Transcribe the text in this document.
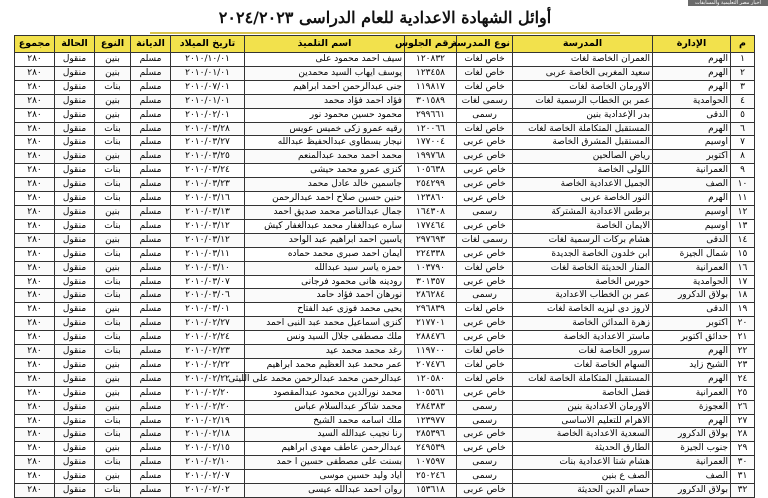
اخبار مصر التعليمية والمسابقات
أوائل الشهادة الاعدادية للعام الدراسى ٢٠٢٤/٢٠٢٣
م	الإدارة	المدرسة	نوع المدرسة	رقم الجلوس	اسم التلميذ	تاريخ الميلاد	الديانة	النوع	الحالة	مجموع
١	الهرم	العمران الخاصة لغات	خاص لغات	١٢٠٨٣٢	سيف احمد محمود على	٢٠١٠/١٠/٠١	مسلم	بنين	منقول	٢٨٠
٢	الهرم	سعيد المغربى الخاصة عربى	خاص لغات	١٢٣٤٥٨	يوسف ايهاب السيد محمدين	٢٠١٠/٠١/٠١	مسلم	بنين	منقول	٢٨٠
٣	الهرم	الاورمان الخاصة لغات	خاص لغات	١١٩٨١٧	جنى عبدالرحمن احمد ابراهيم	٢٠١٠/٠٧/٠١	مسلم	بنات	منقول	٢٨٠
٤	الحوامدية	عمر بن الخطاب الرسمية لغات	رسمى لغات	٣٠١٥٨٩	فؤاد احمد فؤاد محمد	٢٠١٠/٠١/٠١	مسلم	بنين	منقول	٢٨٠
٥	الدقى	بدر الإعدادية بنين	رسمى	٢٩٩٦٦١	محمود حسين محمود نور	٢٠١٠/٠٢/٠١	مسلم	بنين	منقول	٢٨٠
٦	الهرم	المستقبل المتكاملة الخاصة لغات	خاص لغات	١٢٠٠٦٦	رقيه عمرو زكى خميس عويس	٢٠١٠/٠٣/٢٨	مسلم	بنات	منقول	٢٨٠
٧	اوسيم	المستقبل المشرق الخاصة	خاص عربى	١٧٧٠٠٤	نيجار بسطاوى عبدالحفيظ عبدالله	٢٠١٠/٠٣/٢٧	مسلم	بنات	منقول	٢٨٠
٨	اكتوبر	رياض الصالحين	خاص عربى	١٩٩٧٦٨	محمد احمد محمد عبدالمنعم	٢٠١٠/٠٣/٢٥	مسلم	بنين	منقول	٢٨٠
٩	العمرانية	اللولى الخاصة	خاص عربى	١٠٥٦٣٨	كنزى عمرو محمد حيشى	٢٠١٠/٠٣/٢٤	مسلم	بنات	منقول	٢٨٠
١٠	الصف	الجميل الاعدادية الخاصة	خاص عربى	٢٥٤٢٩٩	جاسمين خالد عادل محمد	٢٠١٠/٠٣/٢٣	مسلم	بنات	منقول	٢٨٠
١١	الهرم	النور الخاصة عربى	خاص عربى	١٢٣٨٦٠	حنين حسين صلاح احمد عبدالرحمن	٢٠١٠/٠٣/١٦	مسلم	بنات	منقول	٢٨٠
١٢	اوسيم	برطس الاعدادية المشتركة	رسمى	١٦٤٣٠٨	جمال عبدالناصر محمد صديق احمد	٢٠١٠/٠٣/١٣	مسلم	بنين	منقول	٢٨٠
١٣	اوسيم	الايمان الخاصة	خاص عربى	١٧٧٤٦٤	ساره عبدالغفار محمد عبدالغفار كيش	٢٠١٠/٠٣/١٢	مسلم	بنات	منقول	٢٨٠
١٤	الدقى	هشام بركات الرسمية لغات	رسمى لغات	٢٩٧٦٩٣	ياسين احمد ابراهيم عبد الواحد	٢٠١٠/٠٣/١٢	مسلم	بنين	منقول	٢٨٠
١٥	شمال الجيزة	ابن خلدون الخاصة الجديدة	خاص عربى	٢٢٤٣٣٨	ايمان احمد صبرى محمد حماده	٢٠١٠/٠٣/١١	مسلم	بنات	منقول	٢٨٠
١٦	العمرانية	المنار الحديثة الخاصة لغات	خاص لغات	١٠٣٧٩٠	حمزه ياسر سيد عبدالله	٢٠١٠/٠٣/١٠	مسلم	بنين	منقول	٢٨٠
١٧	الحوامدية	حورس الخاصة	خاص عربى	٣٠١٣٥٧	رودينه هانى محمود فرجانى	٢٠١٠/٠٣/٠٧	مسلم	بنات	منقول	٢٨٠
١٨	بولاق الدكرور	عمر بن الخطاب الاعدادية	رسمى	٢٨٦٢٨٤	نورهان احمد فؤاد حامد	٢٠١٠/٠٣/٠٦	مسلم	بنات	منقول	٢٨٠
١٩	الدقى	لاروز دى ليزيه الخاصة لغات	خاص لغات	٢٩٦٨٣٩	يحيى محمد فوزى عبد الفتاح	٢٠١٠/٠٣/٠١	مسلم	بنين	منقول	٢٨٠
٢٠	اكتوبر	زهرة المدائن الخاصة	خاص عربى	٢١٧٧٠١	كنزى اسماعيل محمد عبد النبى احمد	٢٠١٠/٠٢/٢٧	مسلم	بنات	منقول	٢٨٠
٢١	حدائق اكتوبر	ماستر الاعدادية الخاصة	خاص عربى	٢٨٨٤٧٦	ملك مصطفى جلال السيد ونس	٢٠١٠/٠٢/٢٤	مسلم	بنات	منقول	٢٨٠
٢٢	الهرم	سرور الخاصة لغات	خاص لغات	١١٩٧٠٠	رغد محمد محمد عيد	٢٠١٠/٠٢/٢٣	مسلم	بنات	منقول	٢٨٠
٢٣	الشيخ زايد	السهام الخاصة لغات	خاص لغات	٢٠٧٤٧٦	عمر محمد عبد العظيم محمد ابراهيم	٢٠١٠/٠٢/٢٢	مسلم	بنين	منقول	٢٨٠
٢٤	الهرم	المستقبل المتكاملة الخاصة لغات	خاص لغات	١٢٠٥٨٠	عبدالرحمن محمد عبدالرحمن محمد على الليثى	٢٠١٠/٠٢/٢٢	مسلم	بنين	منقول	٢٨٠
٢٥	العمرانية	فضل الخاصة	خاص عربى	١٠٥٥٦١	محمد نورالدين محمود عبدالمقصود	٢٠١٠/٠٢/٢٠	مسلم	بنين	منقول	٢٨٠
٢٦	العجوزة	الاورمان الاعدادية بنين	رسمى	٢٨٤٣٨٣	محمد شاكر عبدالسلام عباس	٢٠١٠/٠٢/٢٠	مسلم	بنين	منقول	٢٨٠
٢٧	الهرم	الاهرام للتعليم الاساسى	رسمى	١٢٣٩٧٧	ملك اسامه محمد الشيخ	٢٠١٠/٠٢/١٩	مسلم	بنات	منقول	٢٨٠
٢٨	بولاق الدكرور	السعدية الاعدادية الخاصة	خاص عربى	٢٨٥٣٩٦	رنا نجيب عبدالله السيد	٢٠١٠/٠٢/١٨	مسلم	بنات	منقول	٢٨٠
٢٩	جنوب الجيزة	الطارق الحديثة	خاص عربى	٢٤٩٥٣٩	عبدالرحمن عاطف مهدى ابراهيم	٢٠١٠/٠٢/١٥	مسلم	بنين	منقول	٢٨٠
٣٠	العمرانية	هشام شتا الاعدادية بنات	رسمى	١٠٧٥٩٧	بسنت على مصطفى حسين ا حمد	٢٠١٠/٠٢/١٠	مسلم	بنات	منقول	٢٨٠
٣١	الصف	الصف ع بنين	رسمى	٢٥٠٢٤٦	اياد وليد حسين موسى	٢٠١٠/٠٢/٠٧	مسلم	بنين	منقول	٢٨٠
٣٢	بولاق الدكرور	حسام الدين الحديثة	خاص عربى	١٥٣٦١٨	روان احمد عبدالله عيسى	٢٠١٠/٠٢/٠٢	مسلم	بنات	منقول	٢٨٠
